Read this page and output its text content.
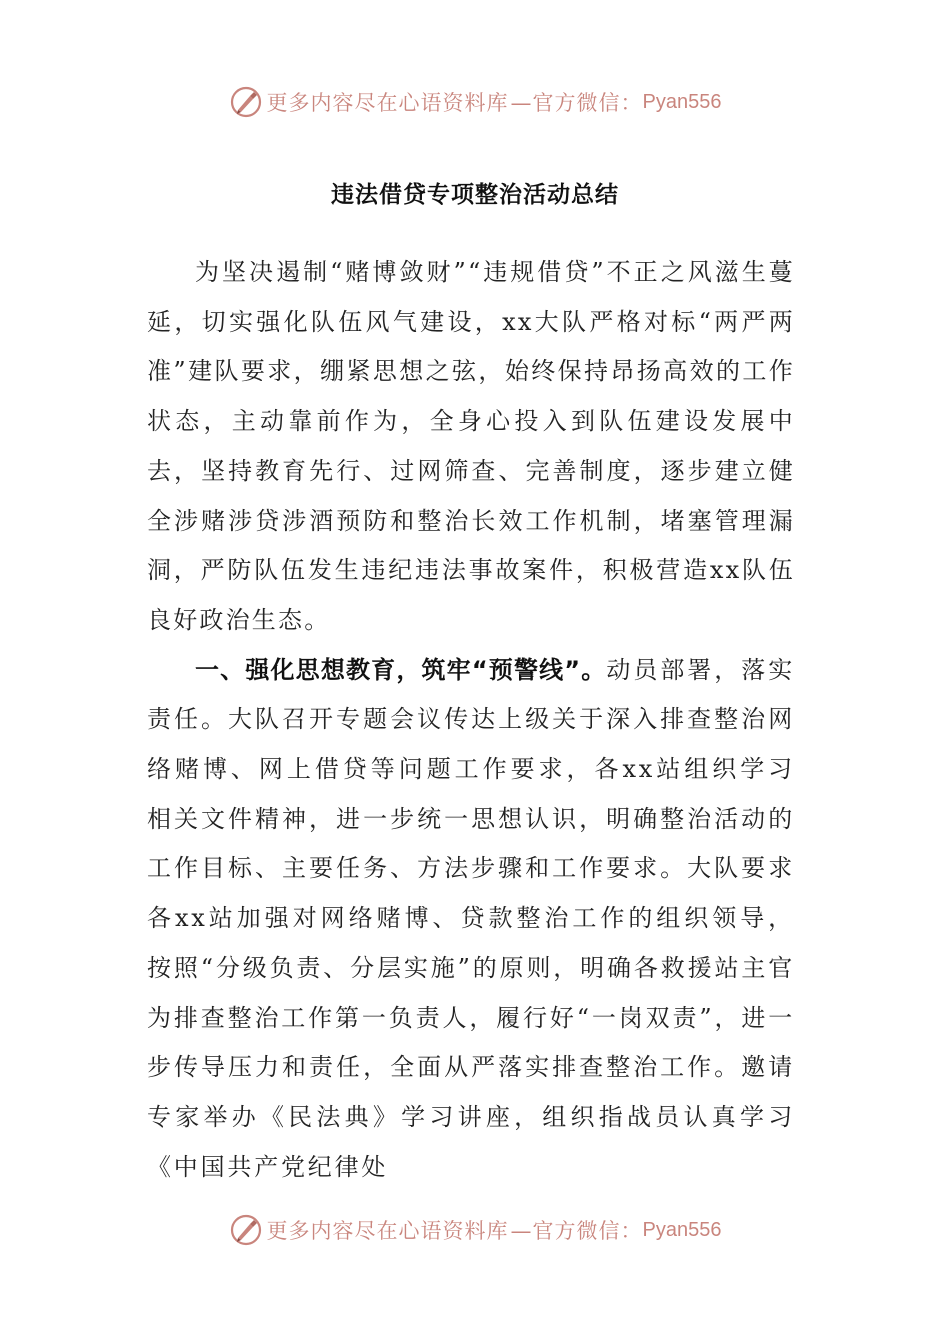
更多内容尽在心语资料库 —官方微信： Pyan556
违法借贷专项整治活动总结

为坚决遏制“赌博敛财”“违规借贷”不正之风滋生蔓延，切实强化队伍风气建设，xx大队严格对标“两严两准”建队要求，绷紧思想之弦，始终保持昂扬高效的工作状态，主动靠前作为，全身心投入到队伍建设发展中去，坚持教育先行、过网筛查、完善制度，逐步建立健全涉赌涉贷涉酒预防和整治长效工作机制，堵塞管理漏洞，严防队伍发生违纪违法事故案件，积极营造xx队伍良好政治生态。

一、强化思想教育，筑牢“预警线”。动员部署，落实责任。大队召开专题会议传达上级关于深入排查整治网络赌博、网上借贷等问题工作要求，各xx站组织学习相关文件精神，进一步统一思想认识，明确整治活动的工作目标、主要任务、方法步骤和工作要求。大队要求各xx站加强对网络赌博、贷款整治工作的组织领导，按照“分级负责、分层实施”的原则，明确各救援站主官为排查整治工作第一负责人，履行好“一岗双责”，进一步传导压力和责任，全面从严落实排查整治工作。邀请专家举办《民法典》学习讲座，组织指战员认真学习《中国共产党纪律处

更多内容尽在心语资料库 —官方微信： Pyan556
